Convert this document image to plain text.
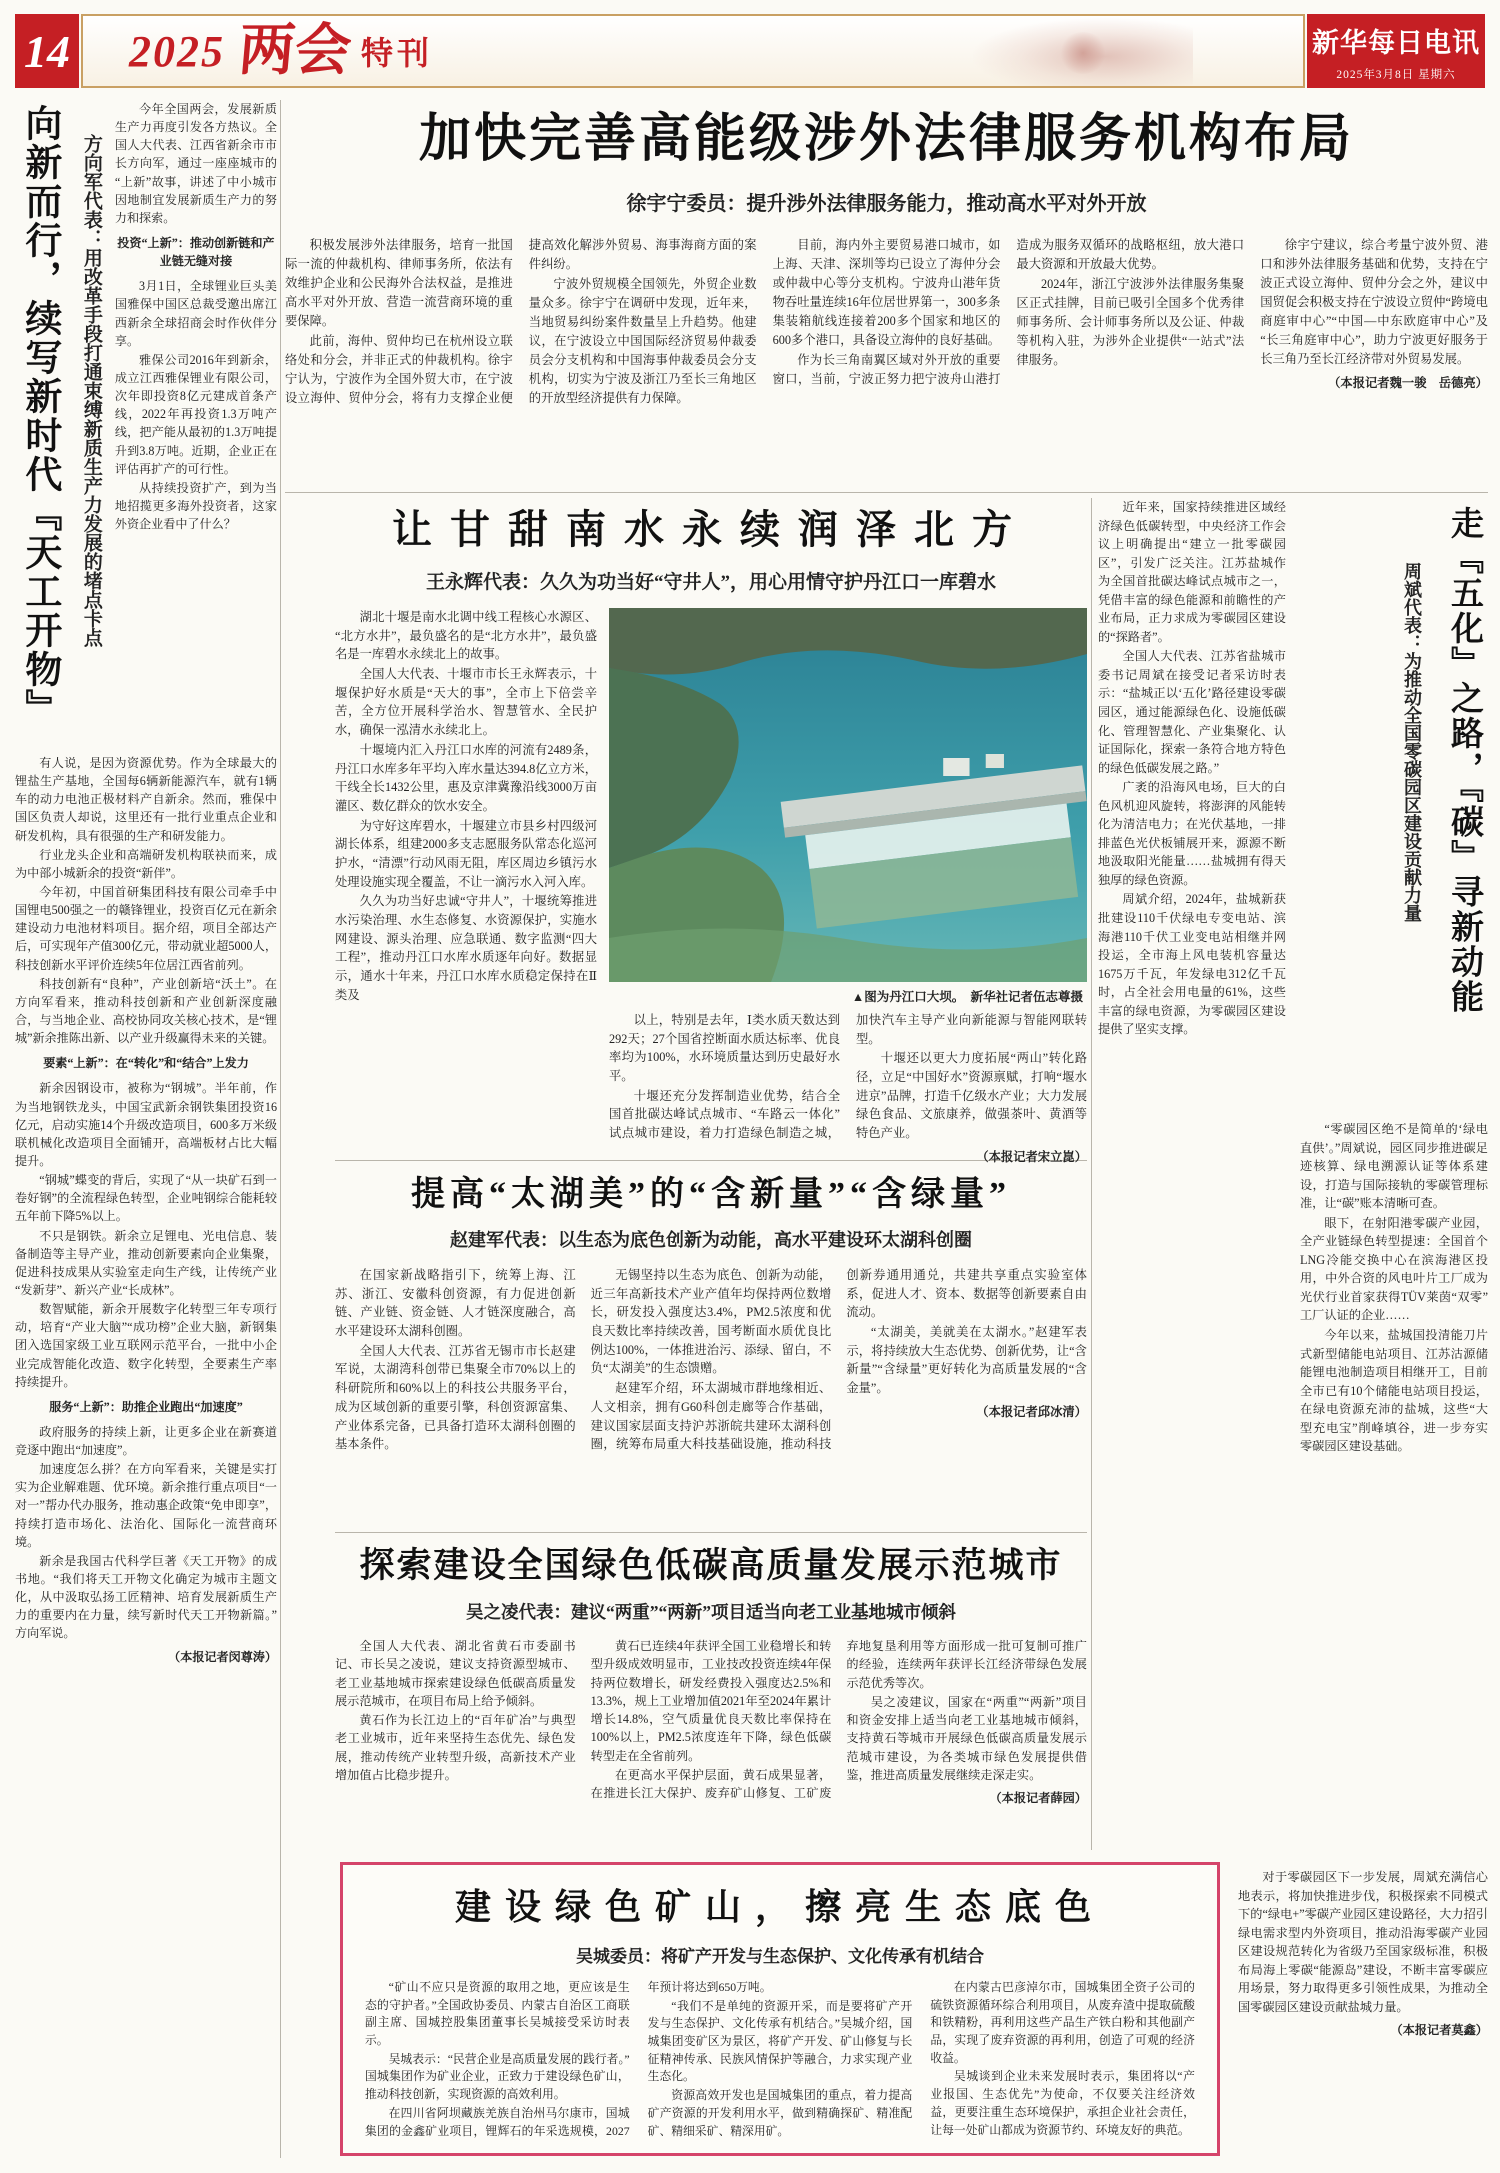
14 2025 两会 特刊	新华每日电讯
2025年3月8日 星期六
向新而行，续写新时代『天工开物』	方向军代表：用改革手段打通束缚新质生产力发展的堵点卡点

今年全国两会，发展新质生产力再度引发各方热议。全国人大代表、江西省新余市市长方向军，通过一座座城市的“上新”故事，讲述了中小城市因地制宜发展新质生产力的努力和探索。

投资“上新”：推动创新链和产业链无缝对接

3月1日，全球锂业巨头美国雅保中国区总裁受邀出席江西新余全球招商会时作伙伴分享。

雅保公司2016年到新余，成立江西雅保锂业有限公司，次年即投资8亿元建成首条产线，2022年再投资1.3万吨产线，把产能从最初的1.3万吨提升到3.8万吨。近期，企业正在评估再扩产的可行性。

从持续投资扩产，到为当地招揽更多海外投资者，这家外资企业看中了什么？

有人说，是因为资源优势。作为全球最大的锂盐生产基地，全国每6辆新能源汽车，就有1辆车的动力电池正极材料产自新余。然而，雅保中国区负责人却说，这里还有一批行业重点企业和研发机构，具有很强的生产和研发能力。

行业龙头企业和高端研发机构联袂而来，成为中部小城新余的投资“新伴”。

今年初，中国首研集团科技有限公司牵手中国锂电500强之一的赣锋锂业，投资百亿元在新余建设动力电池材料项目。据介绍，项目全部达产后，可实现年产值300亿元，带动就业超5000人，科技创新水平评价连续5年位居江西省前列。

科技创新有“良种”，产业创新培“沃土”。在方向军看来，推动科技创新和产业创新深度融合，与当地企业、高校协同攻关核心技术，是“锂城”新余推陈出新、以产业升级赢得未来的关键。

要素“上新”：在“转化”和“结合”上发力

新余因钢设市，被称为“钢城”。半年前，作为当地钢铁龙头，中国宝武新余钢铁集团投资16亿元，启动实施14个升级改造项目，600多万米级联机械化改造项目全面铺开，高端板材占比大幅提升。

“钢城”蝶变的背后，实现了“从一块矿石到一卷好钢”的全流程绿色转型，企业吨钢综合能耗较五年前下降5%以上。

不只是钢铁。新余立足锂电、光电信息、装备制造等主导产业，推动创新要素向企业集聚，促进科技成果从实验室走向生产线，让传统产业“发新芽”、新兴产业“长成林”。

数智赋能，新余开展数字化转型三年专项行动，培育“产业大脑”“成功榜”企业大脑，新钢集团入选国家级工业互联网示范平台，一批中小企业完成智能化改造、数字化转型，全要素生产率持续提升。

服务“上新”：助推企业跑出“加速度”

政府服务的持续上新，让更多企业在新赛道竞逐中跑出“加速度”。

加速度怎么拼？在方向军看来，关键是实打实为企业解难题、优环境。新余推行重点项目“一对一”帮办代办服务，推动惠企政策“免申即享”，持续打造市场化、法治化、国际化一流营商环境。

新余是我国古代科学巨著《天工开物》的成书地。“我们将天工开物文化确定为城市主题文化，从中汲取弘扬工匠精神、培育发展新质生产力的重要内在力量，续写新时代天工开物新篇。”方向军说。

（本报记者闵尊涛）

加快完善高能级涉外法律服务机构布局
徐宇宁委员：提升涉外法律服务能力，推动高水平对外开放

积极发展涉外法律服务，培育一批国际一流的仲裁机构、律师事务所，依法有效维护企业和公民海外合法权益，是推进高水平对外开放、营造一流营商环境的重要保障。

此前，海仲、贸仲均已在杭州设立联络处和分会，并非正式的仲裁机构。徐宇宁认为，宁波作为全国外贸大市，在宁波设立海仲、贸仲分会，将有力支撑企业便捷高效化解涉外贸易、海事海商方面的案件纠纷。

宁波外贸规模全国领先，外贸企业数量众多。徐宇宁在调研中发现，近年来，当地贸易纠纷案件数量呈上升趋势。他建议，在宁波设立中国国际经济贸易仲裁委员会分支机构和中国海事仲裁委员会分支机构，切实为宁波及浙江乃至长三角地区的开放型经济提供有力保障。

目前，海内外主要贸易港口城市，如上海、天津、深圳等均已设立了海仲分会或仲裁中心等分支机构。宁波舟山港年货物吞吐量连续16年位居世界第一，300多条集装箱航线连接着200多个国家和地区的600多个港口，具备设立海仲的良好基础。

作为长三角南翼区域对外开放的重要窗口，当前，宁波正努力把宁波舟山港打造成为服务双循环的战略枢纽，放大港口最大资源和开放最大优势。

2024年，浙江宁波涉外法律服务集聚区正式挂牌，目前已吸引全国多个优秀律师事务所、会计师事务所以及公证、仲裁等机构入驻，为涉外企业提供“一站式”法律服务。

徐宇宁建议，综合考量宁波外贸、港口和涉外法律服务基础和优势，支持在宁波正式设立海仲、贸仲分会之外，建议中国贸促会积极支持在宁波设立贸仲“跨境电商庭审中心”“中国—中东欧庭审中心”及“长三角庭审中心”，助力宁波更好服务于长三角乃至长江经济带对外贸易发展。

（本报记者魏一骏　岳德亮）

让甘甜南水永续润泽北方
王永辉代表：久久为功当好“守井人”，用心用情守护丹江口一库碧水

湖北十堰是南水北调中线工程核心水源区、“北方水井”，最负盛名的是“北方水井”，最负盛名是一库碧水永续北上的故事。

全国人大代表、十堰市市长王永辉表示，十堰保护好水质是“天大的事”，全市上下倍尝辛苦，全方位开展科学治水、智慧管水、全民护水，确保一泓清水永续北上。

十堰境内汇入丹江口水库的河流有2489条，丹江口水库多年平均入库水量达394.8亿立方米，干线全长1432公里，惠及京津冀豫沿线3000万亩灌区、数亿群众的饮水安全。

为守好这库碧水，十堰建立市县乡村四级河湖长体系，组建2000多支志愿服务队常态化巡河护水，“清漂”行动风雨无阻，库区周边乡镇污水处理设施实现全覆盖，不让一滴污水入河入库。

久久为功当好忠诚“守井人”，十堰统筹推进水污染治理、水生态修复、水资源保护，实施水网建设、源头治理、应急联通、数字监测“四大工程”，推动丹江口水库水质逐年向好。数据显示，通水十年来，丹江口水库水质稳定保持在Ⅱ类及	▲图为丹江口大坝。　新华社记者伍志尊摄

以上，特别是去年，Ⅰ类水质天数达到292天；27个国省控断面水质达标率、优良率均为100%，水环境质量达到历史最好水平。

十堰还充分发挥制造业优势，结合全国首批碳达峰试点城市、“车路云一体化”试点城市建设，着力打造绿色制造之城，加快汽车主导产业向新能源与智能网联转型。

十堰还以更大力度拓展“两山”转化路径，立足“中国好水”资源禀赋，打响“堰水进京”品牌，打造千亿级水产业；大力发展绿色食品、文旅康养，做强茶叶、黄酒等特色产业。

（本报记者宋立崑）

提高“太湖美”的“含新量”“含绿量”
赵建军代表：以生态为底色创新为动能，高水平建设环太湖科创圈

在国家新战略指引下，统筹上海、江苏、浙江、安徽科创资源，有力促进创新链、产业链、资金链、人才链深度融合，高水平建设环太湖科创圈。

全国人大代表、江苏省无锡市市长赵建军说，太湖湾科创带已集聚全市70%以上的科研院所和60%以上的科技公共服务平台，成为区域创新的重要引擎，科创资源富集、产业体系完备，已具备打造环太湖科创圈的基本条件。

无锡坚持以生态为底色、创新为动能，近三年高新技术产业产值年均保持两位数增长，研发投入强度达3.4%，PM2.5浓度和优良天数比率持续改善，国考断面水质优良比例达100%，一体推进治污、添绿、留白，不负“太湖美”的生态馈赠。

赵建军介绍，环太湖城市群地缘相近、人文相亲，拥有G60科创走廊等合作基础，建议国家层面支持沪苏浙皖共建环太湖科创圈，统筹布局重大科技基础设施，推动科技创新券通用通兑，共建共享重点实验室体系，促进人才、资本、数据等创新要素自由流动。

“太湖美，美就美在太湖水。”赵建军表示，将持续放大生态优势、创新优势，让“含新量”“含绿量”更好转化为高质量发展的“含金量”。

（本报记者邱冰清）

探索建设全国绿色低碳高质量发展示范城市
吴之凌代表：建议“两重”“两新”项目适当向老工业基地城市倾斜

全国人大代表、湖北省黄石市委副书记、市长吴之凌说，建议支持资源型城市、老工业基地城市探索建设绿色低碳高质量发展示范城市，在项目布局上给予倾斜。

黄石作为长江边上的“百年矿冶”与典型老工业城市，近年来坚持生态优先、绿色发展，推动传统产业转型升级，高新技术产业增加值占比稳步提升。

黄石已连续4年获评全国工业稳增长和转型升级成效明显市，工业技改投资连续4年保持两位数增长，研发经费投入强度达2.5%和13.3%，规上工业增加值2021年至2024年累计增长14.8%，空气质量优良天数比率保持在100%以上，PM2.5浓度连年下降，绿色低碳转型走在全省前列。

在更高水平保护层面，黄石成果显著，在推进长江大保护、废弃矿山修复、工矿废弃地复垦利用等方面形成一批可复制可推广的经验，连续两年获评长江经济带绿色发展示范优秀等次。

吴之凌建议，国家在“两重”“两新”项目和资金安排上适当向老工业基地城市倾斜，支持黄石等城市开展绿色低碳高质量发展示范城市建设，为各类城市绿色发展提供借鉴，推进高质量发展继续走深走实。

（本报记者薛园）

建设绿色矿山，擦亮生态底色
吴城委员：将矿产开发与生态保护、文化传承有机结合

“矿山不应只是资源的取用之地，更应该是生态的守护者。”全国政协委员、内蒙古自治区工商联副主席、国城控股集团董事长吴城接受采访时表示。

吴城表示：“民营企业是高质量发展的践行者。”国城集团作为矿业企业，正致力于建设绿色矿山，推动科技创新，实现资源的高效利用。

在四川省阿坝藏族羌族自治州马尔康市，国城集团的金鑫矿业项目，锂辉石的年采选规模，2027年预计将达到650万吨。

“我们不是单纯的资源开采，而是要将矿产开发与生态保护、文化传承有机结合。”吴城介绍，国城集团变矿区为景区，将矿产开发、矿山修复与长征精神传承、民族风情保护等融合，力求实现产业生态化。

资源高效开发也是国城集团的重点，着力提高矿产资源的开发利用水平，做到精确探矿、精准配矿、精细采矿、精深用矿。

在内蒙古巴彦淖尔市，国城集团全资子公司的硫铁资源循环综合利用项目，从废弃渣中提取硫酸和铁精粉，再利用这些产品生产铁白粉和其他副产品，实现了废弃资源的再利用，创造了可观的经济收益。

吴城谈到企业未来发展时表示，集团将以“产业报国、生态优先”为使命，不仅要关注经济效益，更要注重生态环境保护，承担企业社会责任，让每一处矿山都成为资源节约、环境友好的典范。

近年来，国家持续推进区域经济绿色低碳转型，中央经济工作会议上明确提出“建立一批零碳园区”，引发广泛关注。江苏盐城作为全国首批碳达峰试点城市之一，凭借丰富的绿色能源和前瞻性的产业布局，正力求成为零碳园区建设的“探路者”。

全国人大代表、江苏省盐城市委书记周斌在接受记者采访时表示：“盐城正以‘五化’路径建设零碳园区，通过能源绿色化、设施低碳化、管理智慧化、产业集聚化、认证国际化，探索一条符合地方特色的绿色低碳发展之路。”

广袤的沿海风电场，巨大的白色风机迎风旋转，将澎湃的风能转化为清洁电力；在光伏基地，一排排蓝色光伏板铺展开来，源源不断地汲取阳光能量……盐城拥有得天独厚的绿色资源。

周斌介绍，2024年，盐城新获批建设110千伏绿电专变电站、滨海港110千伏工业变电站相继并网投运，全市海上风电装机容量达1675万千瓦，年发绿电312亿千瓦时，占全社会用电量的61%，这些丰富的绿电资源，为零碳园区建设提供了坚实支撑。

周斌代表：为推动全国零碳园区建设贡献力量 走『五化』之路，『碳』寻新动能

“零碳园区绝不是简单的‘绿电直供’。”周斌说，园区同步推进碳足迹核算、绿电溯源认证等体系建设，打造与国际接轨的零碳管理标准，让“碳”账本清晰可查。

眼下，在射阳港零碳产业园，全产业链绿色转型提速：全国首个LNG冷能交换中心在滨海港区投用，中外合资的风电叶片工厂成为光伏行业首家获得TÜV莱茵“双零”工厂认证的企业……

今年以来，盐城国投清能刀片式新型储能电站项目、江苏沽源储能锂电池制造项目相继开工，目前全市已有10个储能电站项目投运，在绿电资源充沛的盐城，这些“大型充电宝”削峰填谷，进一步夯实零碳园区建设基础。

对于零碳园区下一步发展，周斌充满信心地表示，将加快推进步伐，积极探索不同模式下的“绿电+”零碳产业园区建设路径，大力招引绿电需求型内外资项目，推动沿海零碳产业园区建设规范转化为省级乃至国家级标准，积极布局海上零碳“能源岛”建设，不断丰富零碳应用场景，努力取得更多引领性成果，为推动全国零碳园区建设贡献盐城力量。

（本报记者莫鑫）
